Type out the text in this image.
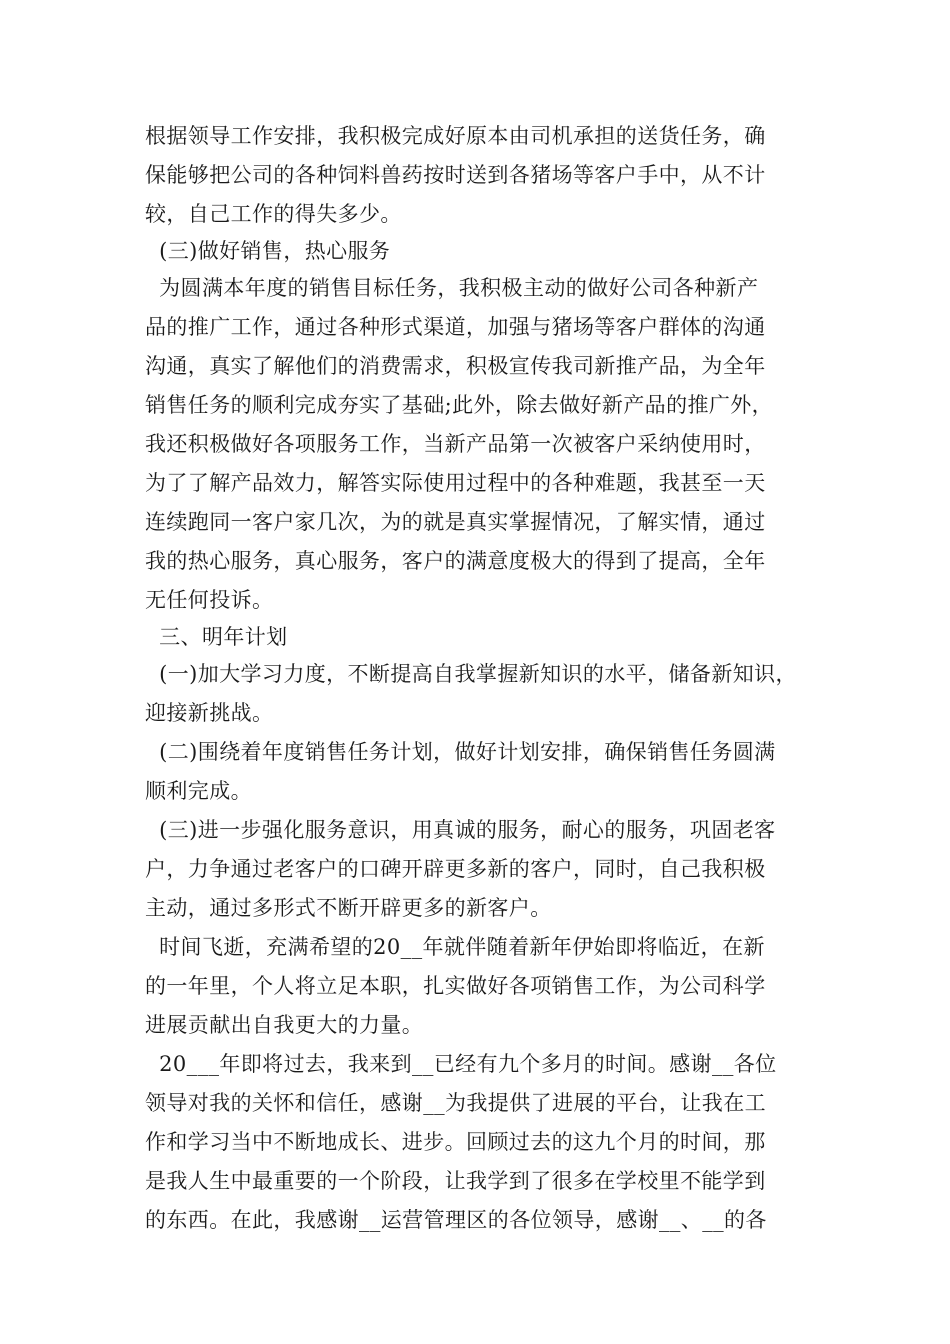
根据领导工作安排，我积极完成好原本由司机承担的送货任务，确
保能够把公司的各种饲料兽药按时送到各猪场等客户手中，从不计
较，自己工作的得失多少。
(三)做好销售，热心服务
为圆满本年度的销售目标任务，我积极主动的做好公司各种新产
品的推广工作，通过各种形式渠道，加强与猪场等客户群体的沟通
沟通，真实了解他们的消费需求，积极宣传我司新推产品，为全年
销售任务的顺利完成夯实了基础;此外，除去做好新产品的推广外，
我还积极做好各项服务工作，当新产品第一次被客户采纳使用时，
为了了解产品效力，解答实际使用过程中的各种难题，我甚至一天
连续跑同一客户家几次，为的就是真实掌握情况，了解实情，通过
我的热心服务，真心服务，客户的满意度极大的得到了提高，全年
无任何投诉。
三、明年计划
(一)加大学习力度，不断提高自我掌握新知识的水平，储备新知识，
迎接新挑战。
(二)围绕着年度销售任务计划，做好计划安排，确保销售任务圆满
顺利完成。
(三)进一步强化服务意识，用真诚的服务，耐心的服务，巩固老客
户，力争通过老客户的口碑开辟更多新的客户，同时，自己我积极
主动，通过多形式不断开辟更多的新客户。
时间飞逝，充满希望的20__年就伴随着新年伊始即将临近，在新
的一年里，个人将立足本职，扎实做好各项销售工作，为公司科学
进展贡献出自我更大的力量。
20___年即将过去，我来到__已经有九个多月的时间。感谢__各位
领导对我的关怀和信任，感谢__为我提供了进展的平台，让我在工
作和学习当中不断地成长、进步。回顾过去的这九个月的时间，那
是我人生中最重要的一个阶段，让我学到了很多在学校里不能学到
的东西。在此，我感谢__运营管理区的各位领导，感谢__、__的各
